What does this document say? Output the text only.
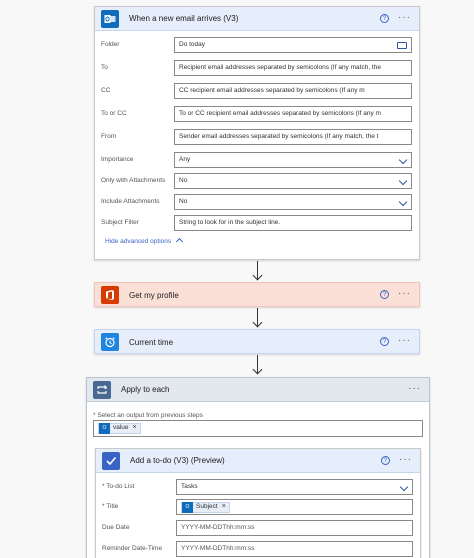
When a new email arrives (V3)	? ···
Folder	Do today
To	Recipient email addresses separated by semicolons (If any match, the
CC	CC recipient email addresses separated by semicolons (If any m
To or CC	To or CC recipient email addresses separated by semicolons (If any m
From	Sender email addresses separated by semicolons (If any match, the t
Importance	Any
Only with Attachments	No
Include Attachments	No
Subject Filter	String to look for in the subject line.
Hide advanced options
Get my profile	? ···
Current time	? ···
Apply to each	···
* Select an output from previous steps
O	value ×
Add a to-do (V3) (Preview)	? ···
* To-do List	Tasks
* Title	O	Subject ×
Due Date	YYYY-MM-DDThh:mm:ss
Reminder Date-Time	YYYY-MM-DDThh:mm:ss
